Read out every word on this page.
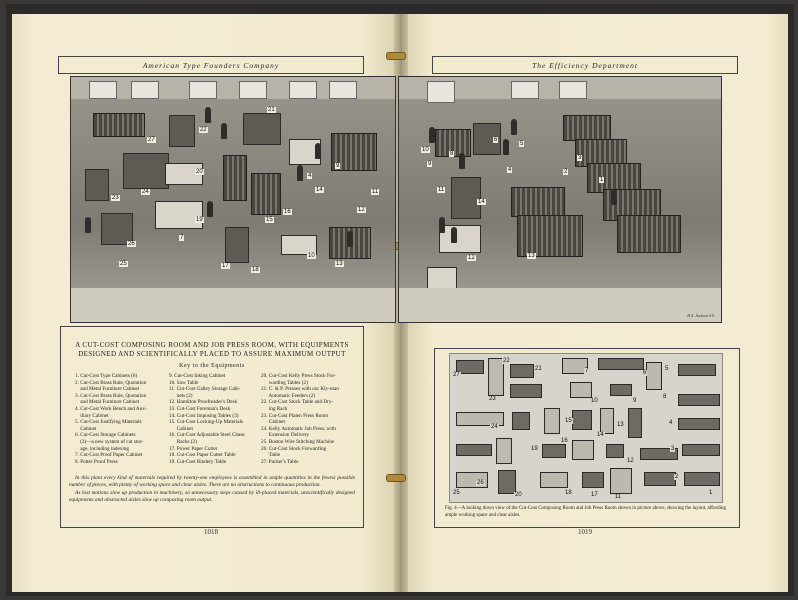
American Type Founders Company	The Efficiency Department
27
22
23
21
24
20
14
16
15
9
26
25
19
17
18
10
13
12
11
7
4
6
8
9
10
5
4
3
1
2
11
12	13
14
H.S. Jackson S.S.
A CUT-COST COMPOSING ROOM AND JOB PRESS ROOM, WITH EQUIPMENTS
DESIGNED AND SCIENTIFICALLY PLACED TO ASSURE MAXIMUM OUTPUT
Key to the Equipments
1. Cut-Cost Type Cabinets (6)
2. Cut-Cost Brass Rule, Quotation
and Metal Furniture Cabinet
3. Cut-Cost Brass Rule, Quotation
and Metal Furniture Cabinet
4. Cut-Cost Work Bench and Aux-
iliary Cabinet
5. Cut-Cost Justifying Materials
Cabinet
6. Cut-Cost Storage Cabinets
(3)—a new system of cut stor-
age, including indexing
7. Cut-Cost Proof Paper Cabinet
8. Potter Proof Press
9. Cut-Cost Inking Cabinet
10. Saw Table
11. Cut-Cost Galley Storage Cabi-
nets (2)
12. Hamilton Proofreader's Desk
13. Cut-Cost Foreman's Desk
14. Cut-Cost Imposing Tables (3)
15. Cut-Cost Locking-Up Materials
Cabinet
16. Cut-Cost Adjustable Steel Chase
Racks (2)
17. Power Paper Cutter
18. Cut-Cost Paper Cutter Table
19. Cut-Cost Bindery Table
20. Cut-Cost Kelly Press Stock For-
warding Tables (2)
21. C. & P. Presses with our Kly-man
Automatic Feeders (2)
22. Cut-Cost Stock Table and Dry-
ing Rack
23. Cut-Cost Platen Press Room
Cabinet
24. Kelly Automatic Job Press, with
Extension Delivery
25. Boston Wire Stitching Machine
26. Cut-Cost Stock Forwarding
Table
27. Packer's Table

In this plant every kind of materials required by twenty-one employees is assembled in ample quantities in the fewest possible number of pieces, with plenty of working space and clear aisles. There are no obstructions to continuous production.

As lost motions slow up production in machinery, so unnecessary steps caused by ill-placed materials, unscientifically designed equipments and obstructed aisles slow up composing room output.

1018	1019
27
23
22
21
26
24
25	20
19
18	17
16
15
14
13
12
11
10	9
8
7	6
5
4
3
2
1
Fig. 4—A looking down view of the Cut-Cost Composing Room and Job Press Room shown in picture above, showing the layout, affording ample working space and clear aisles.
